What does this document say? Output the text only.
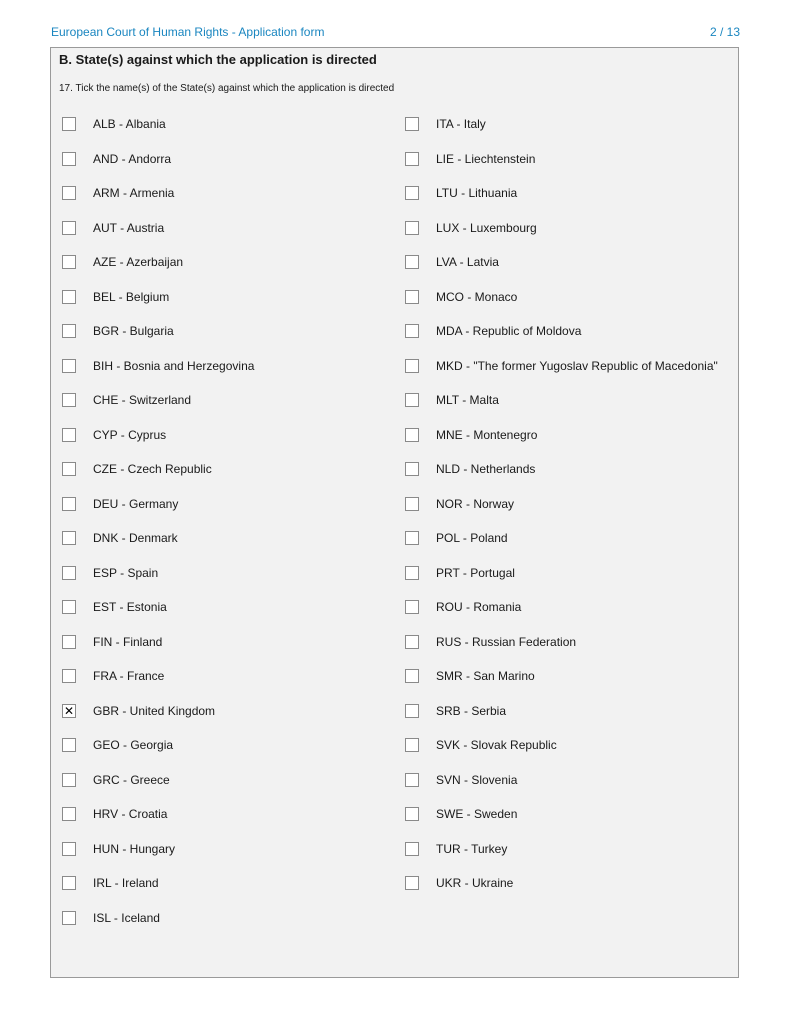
European Court of Human Rights - Application form	2 / 13
B. State(s) against which the application is directed
17. Tick the name(s) of the State(s) against which the application is directed
ALB - Albania
AND - Andorra
ARM - Armenia
AUT - Austria
AZE - Azerbaijan
BEL - Belgium
BGR - Bulgaria
BIH - Bosnia and Herzegovina
CHE - Switzerland
CYP - Cyprus
CZE - Czech Republic
DEU - Germany
DNK - Denmark
ESP - Spain
EST - Estonia
FIN - Finland
FRA - France
✕ GBR - United Kingdom
GEO - Georgia
GRC - Greece
HRV - Croatia
HUN - Hungary
IRL - Ireland
ISL - Iceland
ITA - Italy
LIE - Liechtenstein
LTU - Lithuania
LUX - Luxembourg
LVA - Latvia
MCO - Monaco
MDA - Republic of Moldova
MKD - "The former Yugoslav Republic of Macedonia"
MLT - Malta
MNE - Montenegro
NLD - Netherlands
NOR - Norway
POL - Poland
PRT - Portugal
ROU - Romania
RUS - Russian Federation
SMR - San Marino
SRB - Serbia
SVK - Slovak Republic
SVN - Slovenia
SWE - Sweden
TUR - Turkey
UKR - Ukraine
